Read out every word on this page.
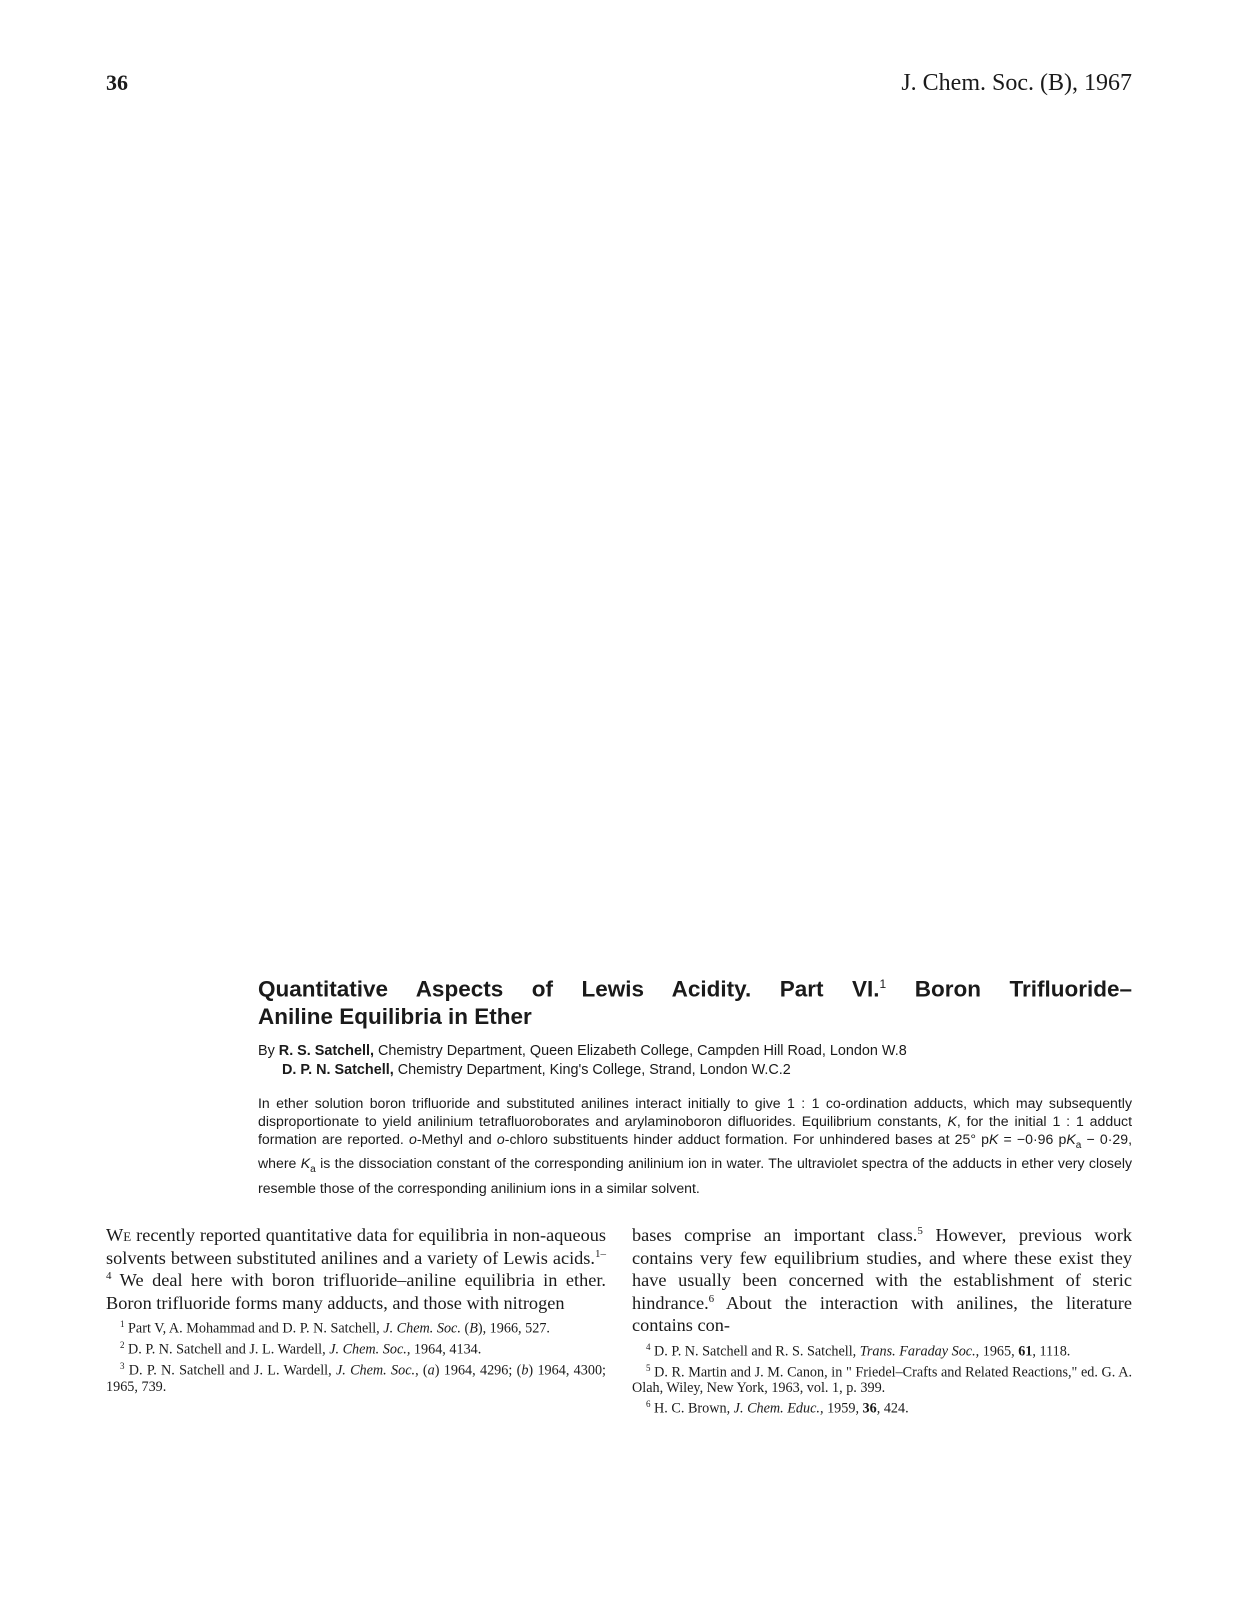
36	J. Chem. Soc. (B), 1967
Quantitative Aspects of Lewis Acidity. Part VI.$^1$ Boron Trifluoride–
Aniline Equilibria in Ether
By R. S. Satchell, Chemistry Department, Queen Elizabeth College, Campden Hill Road, London W.8
D. P. N. Satchell, Chemistry Department, King's College, Strand, London W.C.2

In ether solution boron trifluoride and substituted anilines interact initially to give 1 : 1 co-ordination adducts, which may subsequently disproportionate to yield anilinium tetrafluoroborates and arylaminoboron difluorides. Equilibrium constants, K, for the initial 1 : 1 adduct formation are reported. o-Methyl and o-chloro substituents hinder adduct formation. For unhindered bases at 25° pK = −0·96 $pK_a - 0\cdot 29$, where $K_a$ is the dissociation constant of the corresponding anilinium ion in water. The ultraviolet spectra of the adducts in ether very closely resemble those of the corresponding anilinium ions in a similar solvent.

We recently reported quantitative data for equilibria in non-aqueous solvents between substituted anilines and a variety of Lewis acids.$^{1-4}$ We deal here with boron trifluoride–aniline equilibria in ether. Boron trifluoride forms many adducts, and those with nitrogen

$^1$ Part V, A. Mohammad and D. P. N. Satchell, J. Chem. Soc. (B), 1966, 527.

$^2$ D. P. N. Satchell and J. L. Wardell, J. Chem. Soc., 1964, 4134.

$^3$ D. P. N. Satchell and J. L. Wardell, J. Chem. Soc., (a) 1964, 4296; (b) 1964, 4300; 1965, 739.

bases comprise an important class.$^5$ However, previous work contains very few equilibrium studies, and where these exist they have usually been concerned with the establishment of steric hindrance.$^6$ About the interaction with anilines, the literature contains con-

$^4$ D. P. N. Satchell and R. S. Satchell, Trans. Faraday Soc., 1965, 61, 1118.

$^5$ D. R. Martin and J. M. Canon, in " Friedel–Crafts and Related Reactions," ed. G. A. Olah, Wiley, New York, 1963, vol. 1, p. 399.

$^6$ H. C. Brown, J. Chem. Educ., 1959, 36, 424.
